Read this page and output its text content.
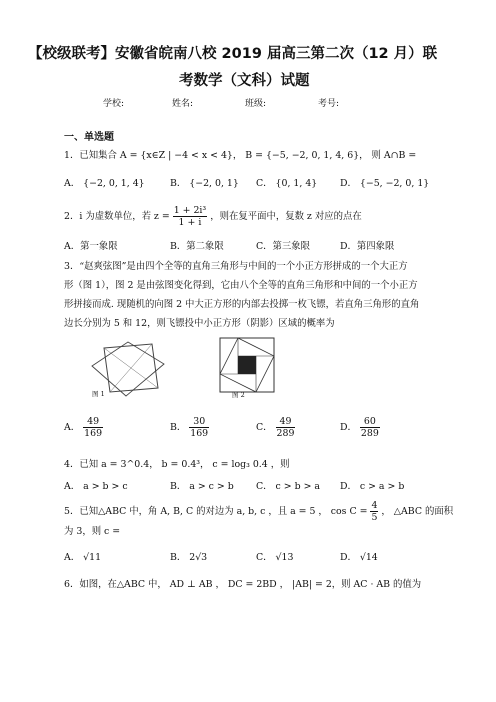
【校级联考】安徽省皖南八校 2019 届高三第二次（12 月）联
考数学（文科）试题
学校:	姓名:	班级:	考号:
一、单选题
1．已知集合 A = {x∈Z | −4 < x < 4}， B = {−5, −2, 0, 1, 4, 6}， 则 A∩B =
A． {−2, 0, 1, 4}	B． {−2, 0, 1} C． {0, 1, 4} D． {−5, −2, 0, 1}
2．i 为虚数单位，若 $z = \frac{\text{1 + 2i³}}{1 + i}$ ，则在复平面中，复数 z 对应的点在
A．第一象限	B．第二象限	C．第三象限	D．第四象限
3．“赵爽弦图”是由四个全等的直角三角形与中间的一个小正方形拼成的一个大正方
形（图 1），图 2 是由弦图变化得到，它由八个全等的直角三角形和中间的一个小正方
形拼接而成. 现随机的向图 2 中大正方形的内部去投掷一枚飞镖，若直角三角形的直角
边长分别为 5 和 12，则飞镖投中小正方形（阴影）区域的概率为
图 1	图 2
A． $\frac{49}{169}$	B． $\frac{30}{169}$	C． $\frac{49}{289}$	D． $\frac{60}{289}$
4．已知 a = 3^0.4， b = 0.4³， c = log₃ 0.4 ，则
A． a > b > c	B． a > c > b C． c > b > a D． c > a > b
5．已知△ABC 中，角 A, B, C 的对边为 a, b, c ，且 a = 5 ， $\cos C = \frac{4}{5}$ ， △ABC 的面积
为 3，则 c =
A． √11	B． 2√3	C． √13	D． √14
6．如图，在△ABC 中， AD ⊥ AB ， DC = 2BD ， |AB| = 2，则 AC · AB 的值为
